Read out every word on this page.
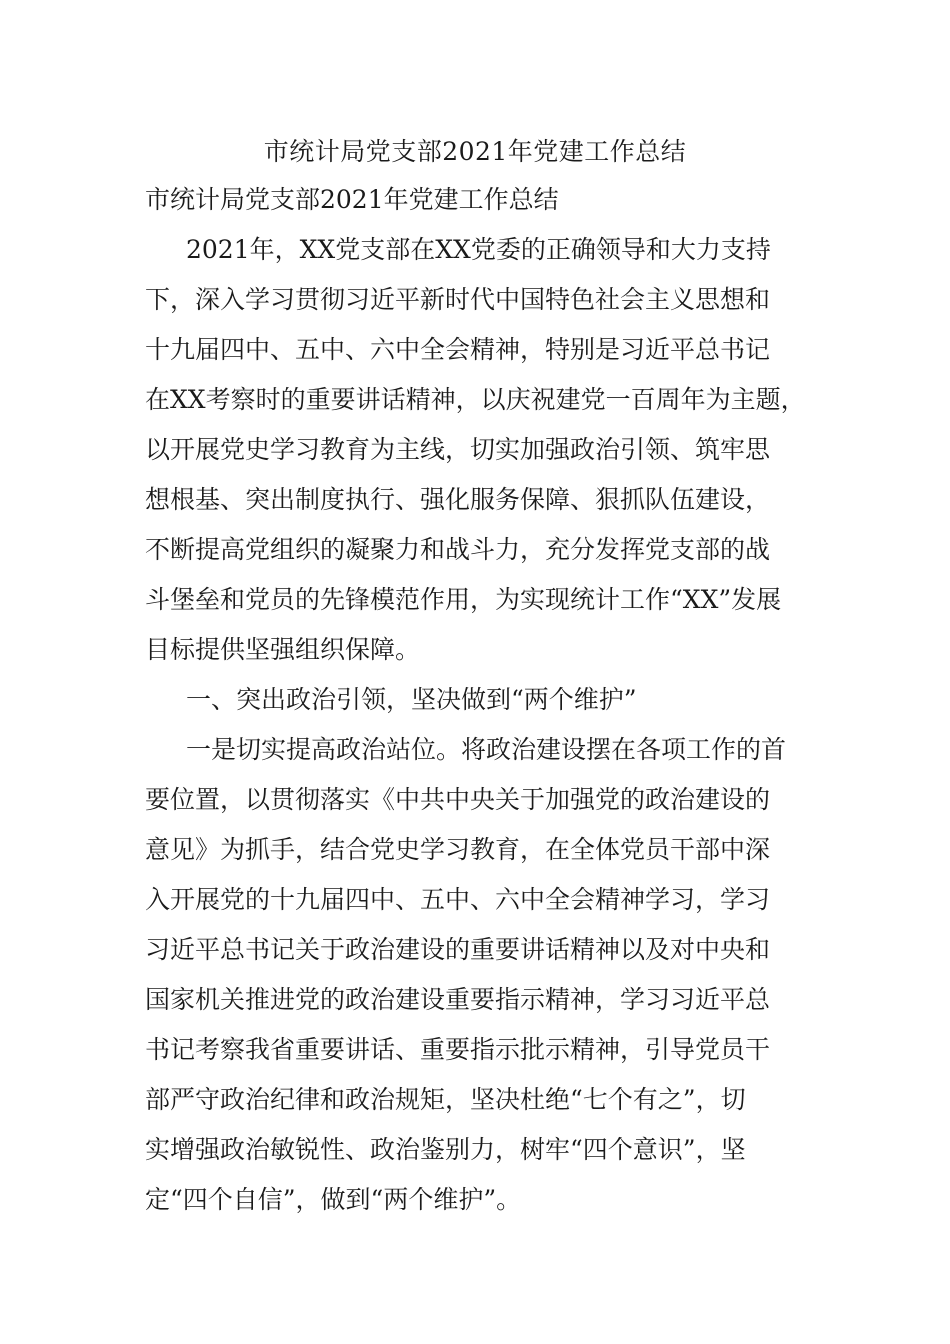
市统计局党支部2021年党建工作总结

市统计局党支部2021年党建工作总结

2021年，XX党支部在XX党委的正确领导和大力支持

下，深入学习贯彻习近平新时代中国特色社会主义思想和

十九届四中、五中、六中全会精神，特别是习近平总书记

在XX考察时的重要讲话精神，以庆祝建党一百周年为主题，

以开展党史学习教育为主线，切实加强政治引领、筑牢思

想根基、突出制度执行、强化服务保障、狠抓队伍建设，

不断提高党组织的凝聚力和战斗力，充分发挥党支部的战

斗堡垒和党员的先锋模范作用，为实现统计工作“XX”发展

目标提供坚强组织保障。

一、突出政治引领，坚决做到“两个维护”

一是切实提高政治站位。将政治建设摆在各项工作的首

要位置，以贯彻落实《中共中央关于加强党的政治建设的

意见》为抓手，结合党史学习教育，在全体党员干部中深

入开展党的十九届四中、五中、六中全会精神学习，学习

习近平总书记关于政治建设的重要讲话精神以及对中央和

国家机关推进党的政治建设重要指示精神，学习习近平总

书记考察我省重要讲话、重要指示批示精神，引导党员干

部严守政治纪律和政治规矩，坚决杜绝“七个有之”，切

实增强政治敏锐性、政治鉴别力，树牢“四个意识”，坚

定“四个自信”，做到“两个维护”。
